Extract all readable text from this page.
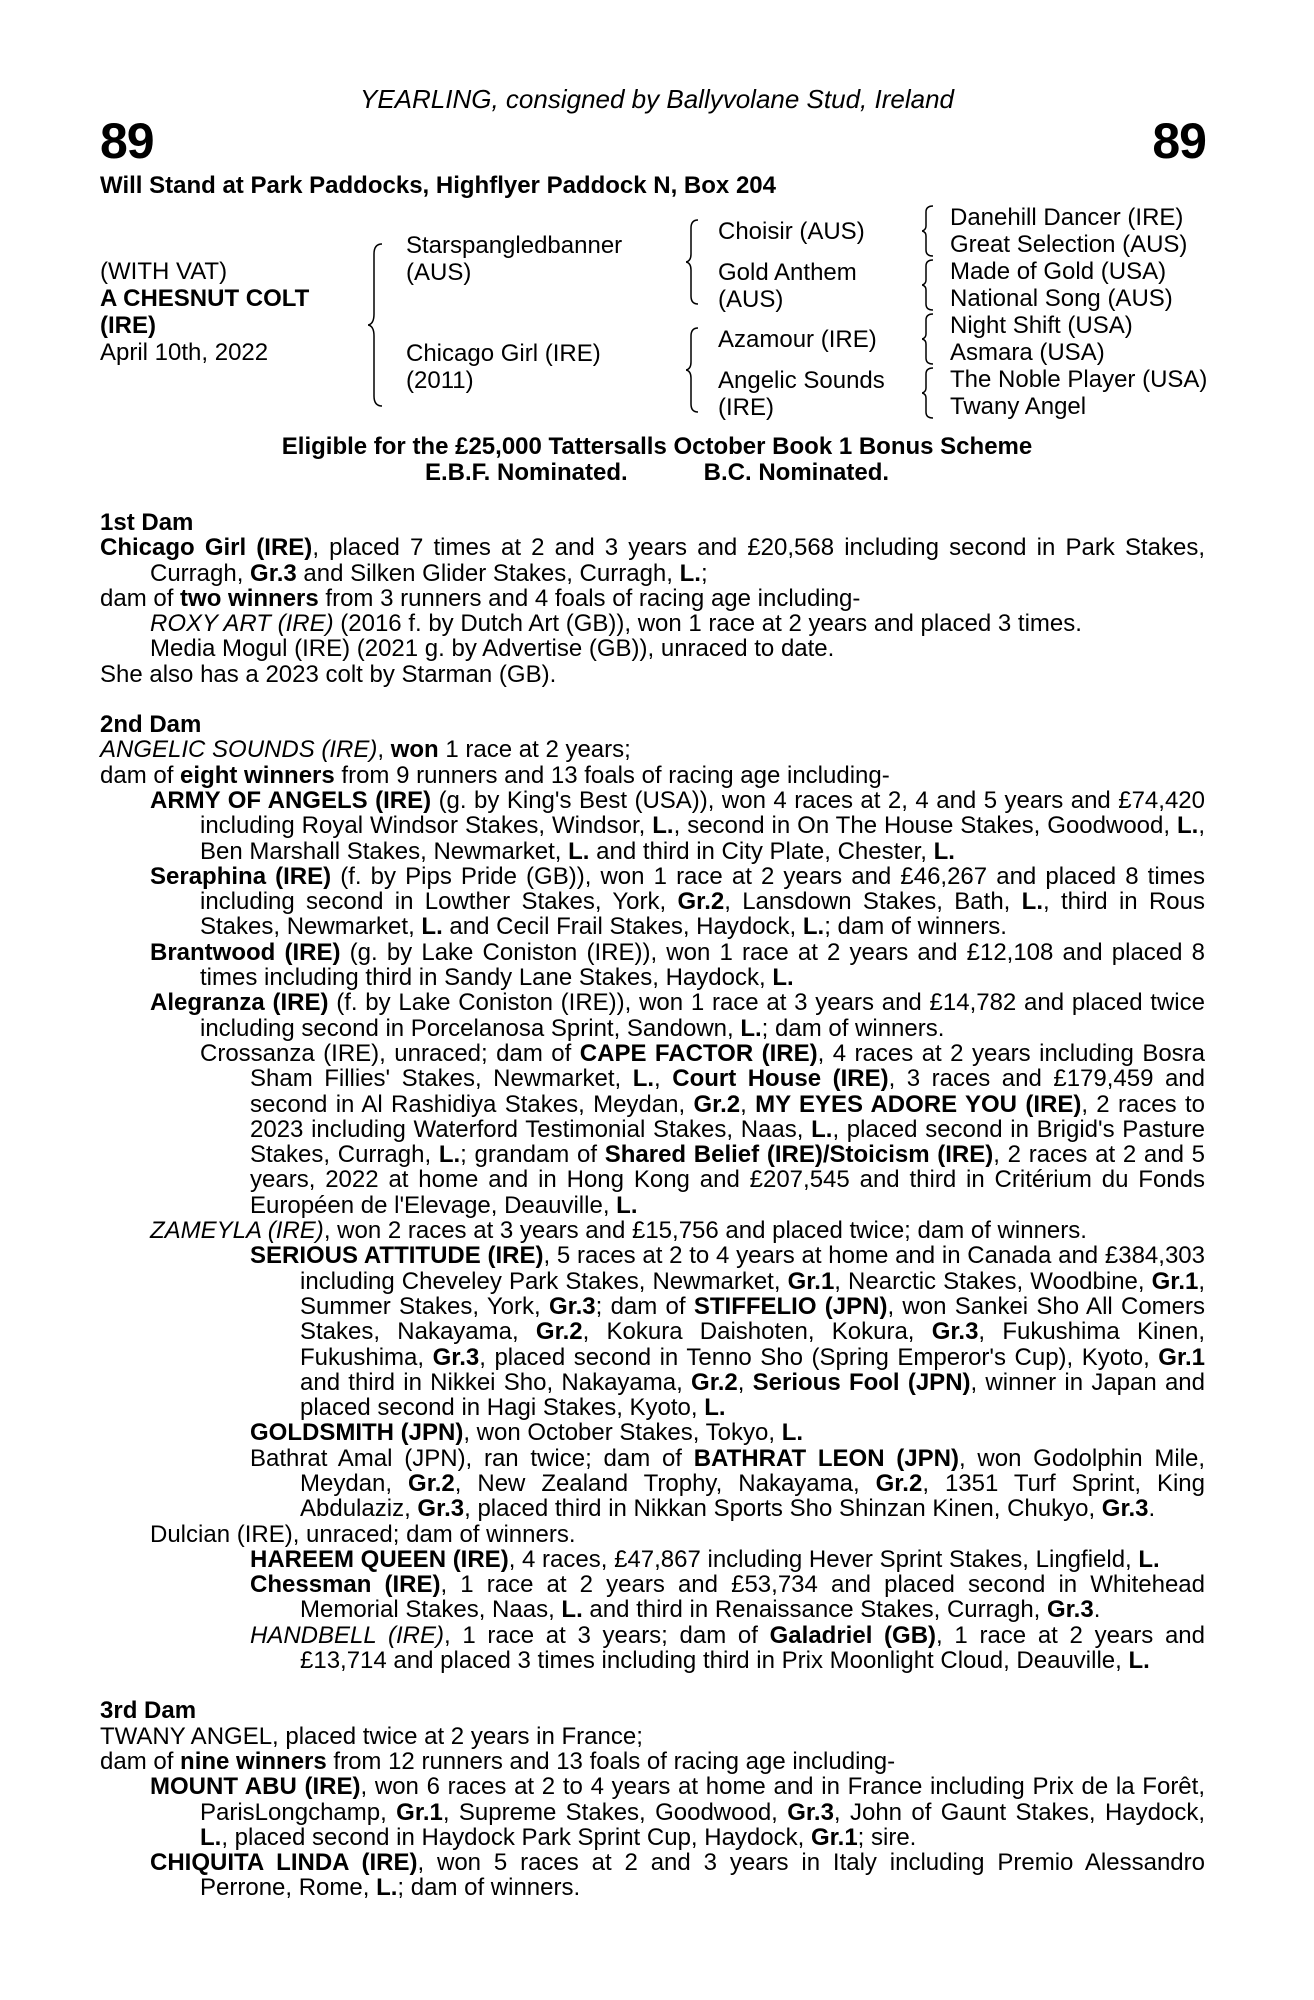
YEARLING, consigned by Ballyvolane Stud, Ireland
89	89
Will Stand at Park Paddocks, Highflyer Paddock N, Box 204
(WITH VAT)
A CHESNUT COLT
(IRE)
April 10th, 2022
Starspangledbanner
(AUS)
Chicago Girl (IRE)
(2011)
Choisir (AUS)
Gold Anthem
(AUS)
Azamour (IRE)
Angelic Sounds
(IRE)
Danehill Dancer (IRE)
Great Selection (AUS)
Made of Gold (USA)
National Song (AUS)
Night Shift (USA)
Asmara (USA)
The Noble Player (USA)
Twany Angel
Eligible for the £25,000 Tattersalls October Book 1 Bonus Scheme
E.B.F. Nominated.	B.C. Nominated.

1st Dam

Chicago Girl (IRE), placed 7 times at 2 and 3 years and £20,568 including second in Park Stakes, Curragh, Gr.3 and Silken Glider Stakes, Curragh, L.;

dam of two winners from 3 runners and 4 foals of racing age including-

ROXY ART (IRE) (2016 f. by Dutch Art (GB)), won 1 race at 2 years and placed 3 times.

Media Mogul (IRE) (2021 g. by Advertise (GB)), unraced to date.

She also has a 2023 colt by Starman (GB).

2nd Dam

ANGELIC SOUNDS (IRE), won 1 race at 2 years;

dam of eight winners from 9 runners and 13 foals of racing age including-

ARMY OF ANGELS (IRE) (g. by King's Best (USA)), won 4 races at 2, 4 and 5 years and £74,420 including Royal Windsor Stakes, Windsor, L., second in On The House Stakes, Goodwood, L., Ben Marshall Stakes, Newmarket, L. and third in City Plate, Chester, L.

Seraphina (IRE) (f. by Pips Pride (GB)), won 1 race at 2 years and £46,267 and placed 8 times including second in Lowther Stakes, York, Gr.2, Lansdown Stakes, Bath, L., third in Rous Stakes, Newmarket, L. and Cecil Frail Stakes, Haydock, L.; dam of winners.

Brantwood (IRE) (g. by Lake Coniston (IRE)), won 1 race at 2 years and £12,108 and placed 8 times including third in Sandy Lane Stakes, Haydock, L.

Alegranza (IRE) (f. by Lake Coniston (IRE)), won 1 race at 3 years and £14,782 and placed twice including second in Porcelanosa Sprint, Sandown, L.; dam of winners.

Crossanza (IRE), unraced; dam of CAPE FACTOR (IRE), 4 races at 2 years including Bosra Sham Fillies' Stakes, Newmarket, L., Court House (IRE), 3 races and £179,459 and second in Al Rashidiya Stakes, Meydan, Gr.2, MY EYES ADORE YOU (IRE), 2 races to 2023 including Waterford Testimonial Stakes, Naas, L., placed second in Brigid's Pasture Stakes, Curragh, L.; grandam of Shared Belief (IRE)/Stoicism (IRE), 2 races at 2 and 5 years, 2022 at home and in Hong Kong and £207,545 and third in Critérium du Fonds Européen de l'Elevage, Deauville, L.

ZAMEYLA (IRE), won 2 races at 3 years and £15,756 and placed twice; dam of winners.

SERIOUS ATTITUDE (IRE), 5 races at 2 to 4 years at home and in Canada and £384,303 including Cheveley Park Stakes, Newmarket, Gr.1, Nearctic Stakes, Woodbine, Gr.1, Summer Stakes, York, Gr.3; dam of STIFFELIO (JPN), won Sankei Sho All Comers Stakes, Nakayama, Gr.2, Kokura Daishoten, Kokura, Gr.3, Fukushima Kinen, Fukushima, Gr.3, placed second in Tenno Sho (Spring Emperor's Cup), Kyoto, Gr.1 and third in Nikkei Sho, Nakayama, Gr.2, Serious Fool (JPN), winner in Japan and placed second in Hagi Stakes, Kyoto, L.

GOLDSMITH (JPN), won October Stakes, Tokyo, L.

Bathrat Amal (JPN), ran twice; dam of BATHRAT LEON (JPN), won Godolphin Mile, Meydan, Gr.2, New Zealand Trophy, Nakayama, Gr.2, 1351 Turf Sprint, King Abdulaziz, Gr.3, placed third in Nikkan Sports Sho Shinzan Kinen, Chukyo, Gr.3.

Dulcian (IRE), unraced; dam of winners.

HAREEM QUEEN (IRE), 4 races, £47,867 including Hever Sprint Stakes, Lingfield, L.

Chessman (IRE), 1 race at 2 years and £53,734 and placed second in Whitehead Memorial Stakes, Naas, L. and third in Renaissance Stakes, Curragh, Gr.3.

HANDBELL (IRE), 1 race at 3 years; dam of Galadriel (GB), 1 race at 2 years and £13,714 and placed 3 times including third in Prix Moonlight Cloud, Deauville, L.

3rd Dam

TWANY ANGEL, placed twice at 2 years in France;

dam of nine winners from 12 runners and 13 foals of racing age including-

MOUNT ABU (IRE), won 6 races at 2 to 4 years at home and in France including Prix de la Forêt, ParisLongchamp, Gr.1, Supreme Stakes, Goodwood, Gr.3, John of Gaunt Stakes, Haydock, L., placed second in Haydock Park Sprint Cup, Haydock, Gr.1; sire.

CHIQUITA LINDA (IRE), won 5 races at 2 and 3 years in Italy including Premio Alessandro Perrone, Rome, L.; dam of winners.
